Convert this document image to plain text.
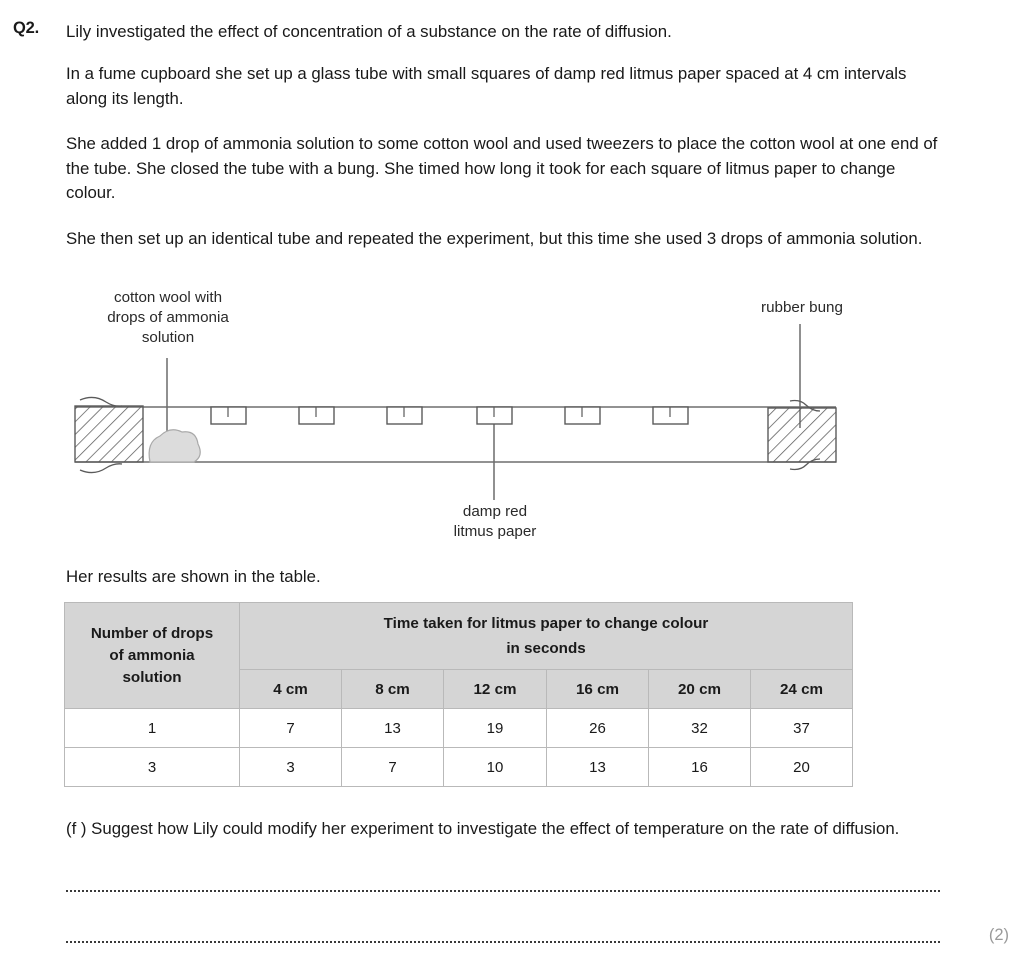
Q2. Lily investigated the effect of concentration of a substance on the rate of diffusion.
In a fume cupboard she set up a glass tube with small squares of damp red litmus paper spaced at 4 cm intervals along its length.
She added 1 drop of ammonia solution to some cotton wool and used tweezers to place the cotton wool at one end of the tube. She closed the tube with a bung. She timed how long it took for each square of litmus paper to change colour.
She then set up an identical tube and repeated the experiment, but this time she used 3 drops of ammonia solution.
cotton wool with
drops of ammonia
solution
rubber bung
damp red
litmus paper
Her results are shown in the table.
Number of drops
of ammonia
solution

Time taken for litmus paper to change colour
in seconds

	4 cm	8 cm	12 cm	16 cm	20 cm	24 cm
1	7	13	19	26	32	37
3	3	7	10	13	16	20
(f ) Suggest how Lily could modify her experiment to investigate the effect of temperature on the rate of diffusion.
(2)
